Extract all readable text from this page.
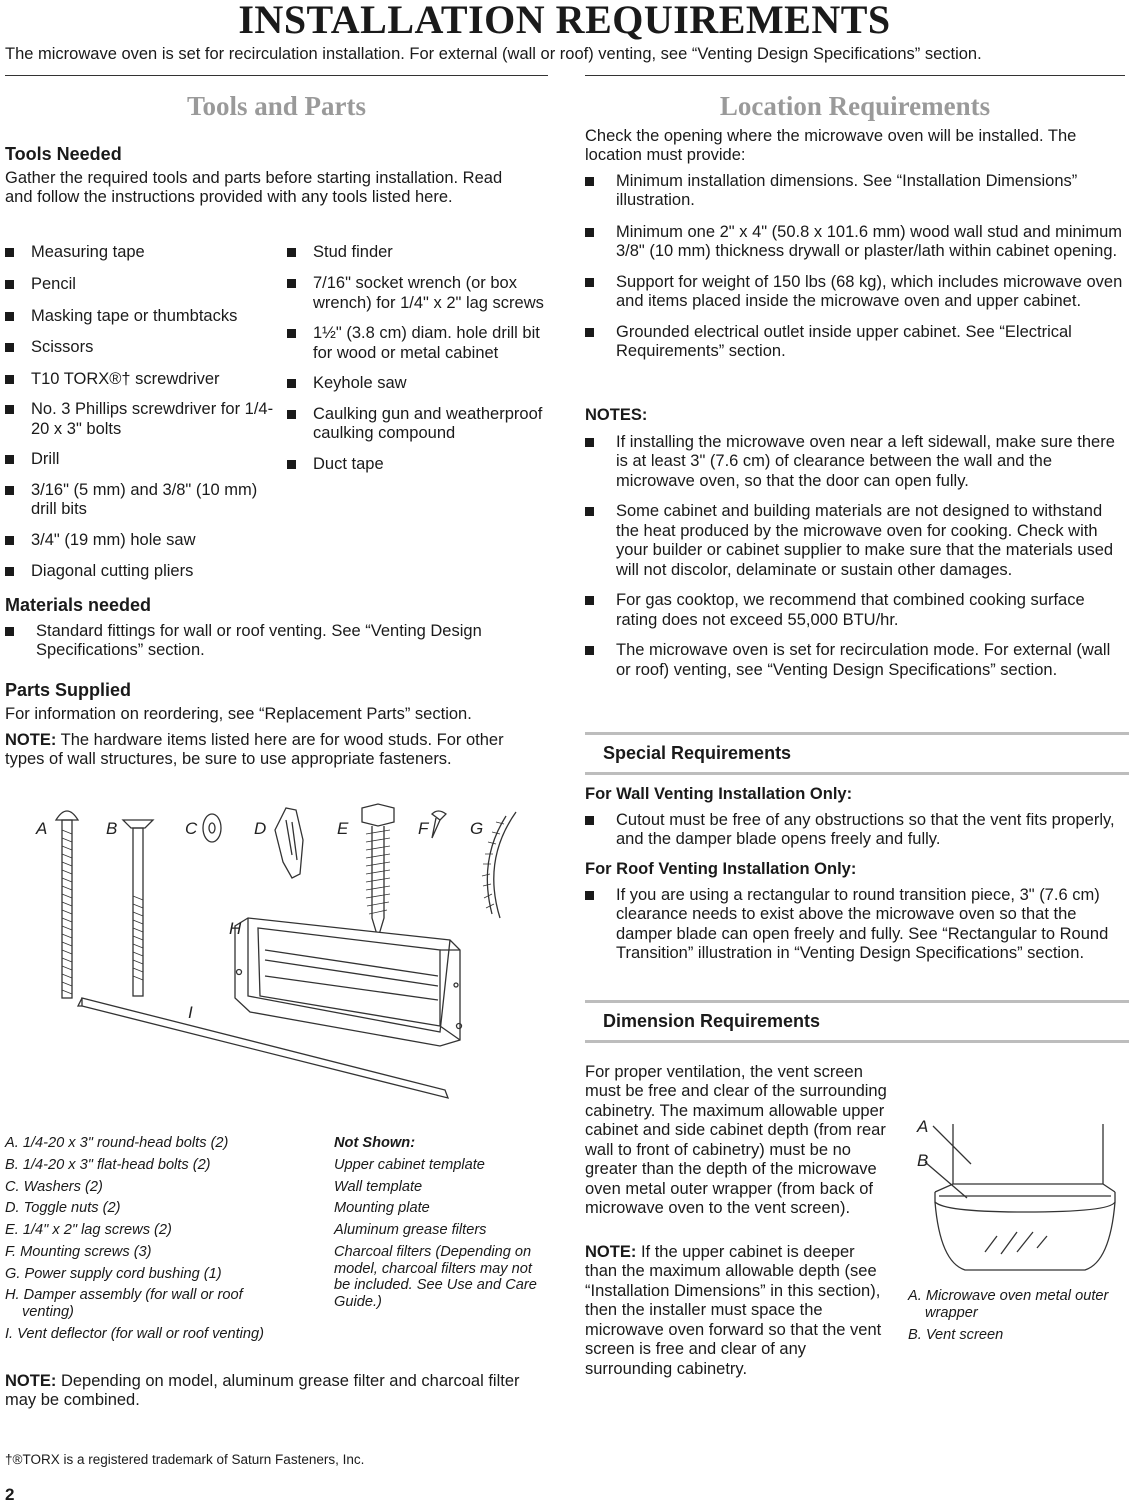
INSTALLATION REQUIREMENTS
The microwave oven is set for recirculation installation. For external (wall or roof) venting, see “Venting Design Specifications” section.
Tools and Parts
Tools Needed
Gather the required tools and parts before starting installation. Read and follow the instructions provided with any tools listed here.
Measuring tape
Pencil
Masking tape or thumbtacks
Scissors
T10 TORX®† screwdriver
No. 3 Phillips screwdriver for 1/4-20 x 3" bolts
Drill
3/16" (5 mm) and 3/8" (10 mm) drill bits
3/4" (19 mm) hole saw
Diagonal cutting pliers
Stud finder
7/16" socket wrench (or box wrench) for 1/4" x 2" lag screws
1½" (3.8 cm) diam. hole drill bit for wood or metal cabinet
Keyhole saw
Caulking gun and weatherproof caulking compound
Duct tape
Materials needed
Standard fittings for wall or roof venting. See “Venting Design Specifications” section.
Parts Supplied
For information on reordering, see “Replacement Parts” section.
NOTE: The hardware items listed here are for wood studs. For other types of wall structures, be sure to use appropriate fasteners.
A	B	C	D	E	F G
H
I
A. 1/4-20 x 3" round-head bolts (2)
B. 1/4-20 x 3" flat-head bolts (2)
C. Washers (2)
D. Toggle nuts (2)
E. 1/4" x 2" lag screws (2)
F. Mounting screws (3)
G. Power supply cord bushing (1)
H. Damper assembly (for wall or roof venting)
I. Vent deflector (for wall or roof venting)
Not Shown:
Upper cabinet template
Wall template
Mounting plate
Aluminum grease filters
Charcoal filters (Depending on model, charcoal filters may not be included. See Use and Care Guide.)
NOTE: Depending on model, aluminum grease filter and charcoal filter may be combined.
Location Requirements
Check the opening where the microwave oven will be installed. The location must provide:
Minimum installation dimensions. See “Installation Dimensions” illustration.
Minimum one 2" x 4" (50.8 x 101.6 mm) wood wall stud and minimum 3/8" (10 mm) thickness drywall or plaster/lath within cabinet opening.
Support for weight of 150 lbs (68 kg), which includes microwave oven and items placed inside the microwave oven and upper cabinet.
Grounded electrical outlet inside upper cabinet. See “Electrical Requirements” section.
NOTES:
If installing the microwave oven near a left sidewall, make sure there is at least 3" (7.6 cm) of clearance between the wall and the microwave oven, so that the door can open fully.
Some cabinet and building materials are not designed to withstand the heat produced by the microwave oven for cooking. Check with your builder or cabinet supplier to make sure that the materials used will not discolor, delaminate or sustain other damages.
For gas cooktop, we recommend that combined cooking surface rating does not exceed 55,000 BTU/hr.
The microwave oven is set for recirculation mode. For external (wall or roof) venting, see “Venting Design Specifications” section.
Special Requirements
For Wall Venting Installation Only:
Cutout must be free of any obstructions so that the vent fits properly, and the damper blade opens freely and fully.
For Roof Venting Installation Only:
If you are using a rectangular to round transition piece, 3" (7.6 cm) clearance needs to exist above the microwave oven so that the damper blade can open freely and fully. See “Rectangular to Round Transition” illustration in “Venting Design Specifications” section.
Dimension Requirements
For proper ventilation, the vent screen must be free and clear of the surrounding cabinetry. The maximum allowable upper cabinet and side cabinet depth (from rear wall to front of cabinetry) must be no greater than the depth of the microwave oven metal outer wrapper (from back of microwave oven to the vent screen).
NOTE: If the upper cabinet is deeper than the maximum allowable depth (see “Installation Dimensions” in this section), then the installer must space the microwave oven forward so that the vent screen is free and clear of any surrounding cabinetry.
A
B
A. Microwave oven metal outer wrapper
B. Vent screen
†®TORX is a registered trademark of Saturn Fasteners, Inc.
2
